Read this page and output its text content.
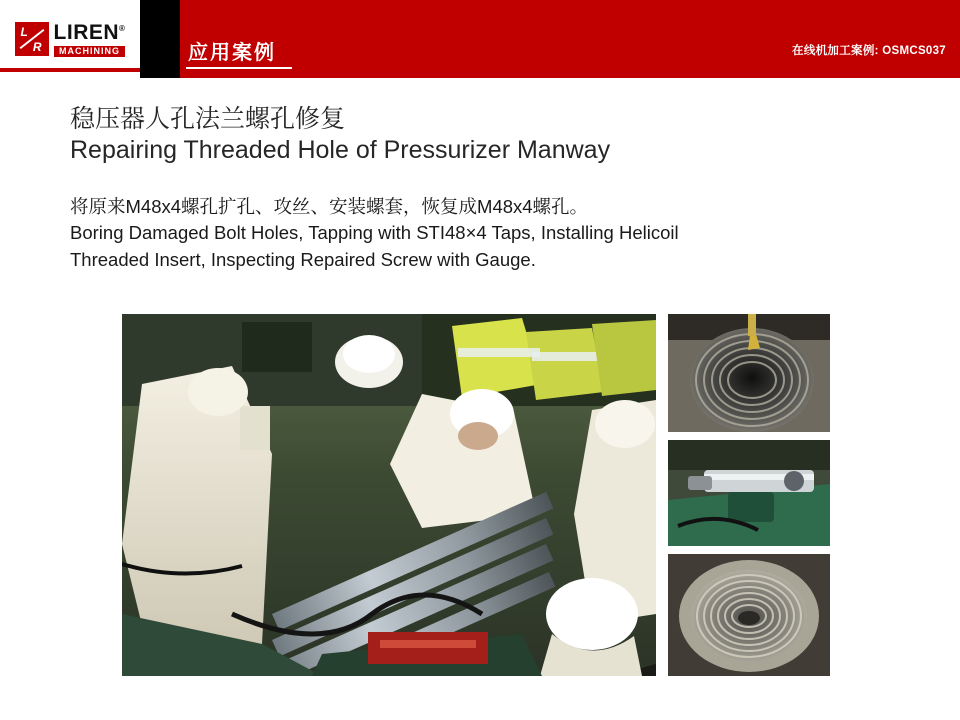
L
R
LIREN®
MACHINING	应用案例	在线机加工案例: OSMCS037
稳压器人孔法兰螺孔修复
Repairing Threaded Hole of Pressurizer Manway
将原来M48x4螺孔扩孔、攻丝、安装螺套，恢复成M48x4螺孔。
Boring Damaged Bolt Holes, Tapping with STI48×4 Taps, Installing Helicoil
Threaded Insert, Inspecting Repaired Screw with Gauge.
